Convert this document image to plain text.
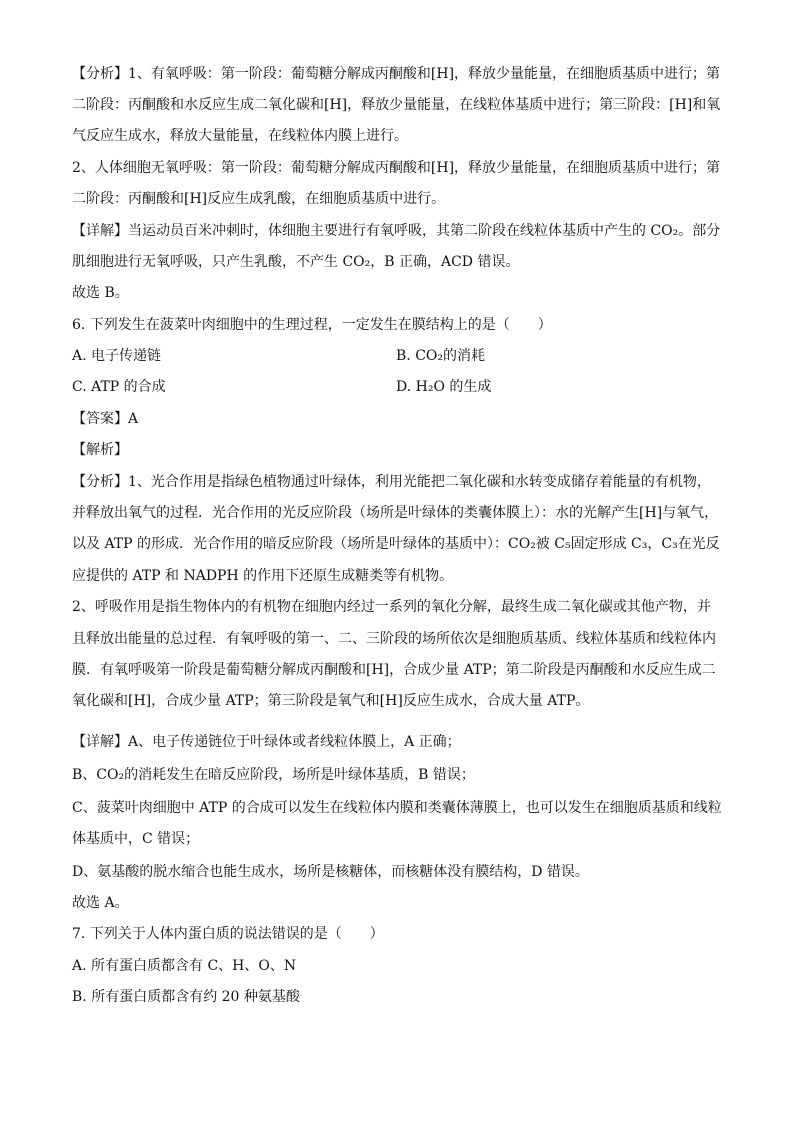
【分析】1、有氧呼吸：第一阶段：葡萄糖分解成丙酮酸和[H]，释放少量能量，在细胞质基质中进行；第
二阶段：丙酮酸和水反应生成二氧化碳和[H]，释放少量能量，在线粒体基质中进行；第三阶段：[H]和氧
气反应生成水，释放大量能量，在线粒体内膜上进行。
2、人体细胞无氧呼吸：第一阶段：葡萄糖分解成丙酮酸和[H]，释放少量能量，在细胞质基质中进行；第
二阶段：丙酮酸和[H]反应生成乳酸，在细胞质基质中进行。
【详解】当运动员百米冲刺时，体细胞主要进行有氧呼吸，其第二阶段在线粒体基质中产生的 CO₂。部分
肌细胞进行无氧呼吸，只产生乳酸，不产生 CO₂，B 正确，ACD 错误。
故选 B。
6. 下列发生在菠菜叶肉细胞中的生理过程，一定发生在膜结构上的是（　　）
A. 电子传递链	B. CO₂的消耗
C. ATP 的合成	D. H₂O 的生成
【答案】A
【解析】
【分析】1、光合作用是指绿色植物通过叶绿体，利用光能把二氧化碳和水转变成储存着能量的有机物，
并释放出氧气的过程．光合作用的光反应阶段（场所是叶绿体的类囊体膜上）：水的光解产生[H]与氧气，
以及 ATP 的形成．光合作用的暗反应阶段（场所是叶绿体的基质中）：CO₂被 C₅固定形成 C₃，C₃在光反
应提供的 ATP 和 NADPH 的作用下还原生成糖类等有机物。
2、呼吸作用是指生物体内的有机物在细胞内经过一系列的氧化分解，最终生成二氧化碳或其他产物，并
且释放出能量的总过程．有氧呼吸的第一、二、三阶段的场所依次是细胞质基质、线粒体基质和线粒体内
膜．有氧呼吸第一阶段是葡萄糖分解成丙酮酸和[H]，合成少量 ATP；第二阶段是丙酮酸和水反应生成二
氧化碳和[H]，合成少量 ATP；第三阶段是氧气和[H]反应生成水，合成大量 ATP。
【详解】A、电子传递链位于叶绿体或者线粒体膜上，A 正确；
B、CO₂的消耗发生在暗反应阶段，场所是叶绿体基质，B 错误；
C、菠菜叶肉细胞中 ATP 的合成可以发生在线粒体内膜和类囊体薄膜上，也可以发生在细胞质基质和线粒
体基质中，C 错误；
D、氨基酸的脱水缩合也能生成水，场所是核糖体，而核糖体没有膜结构，D 错误。
故选 A。
7. 下列关于人体内蛋白质的说法错误的是（　　）
A. 所有蛋白质都含有 C、H、O、N
B. 所有蛋白质都含有约 20 种氨基酸
